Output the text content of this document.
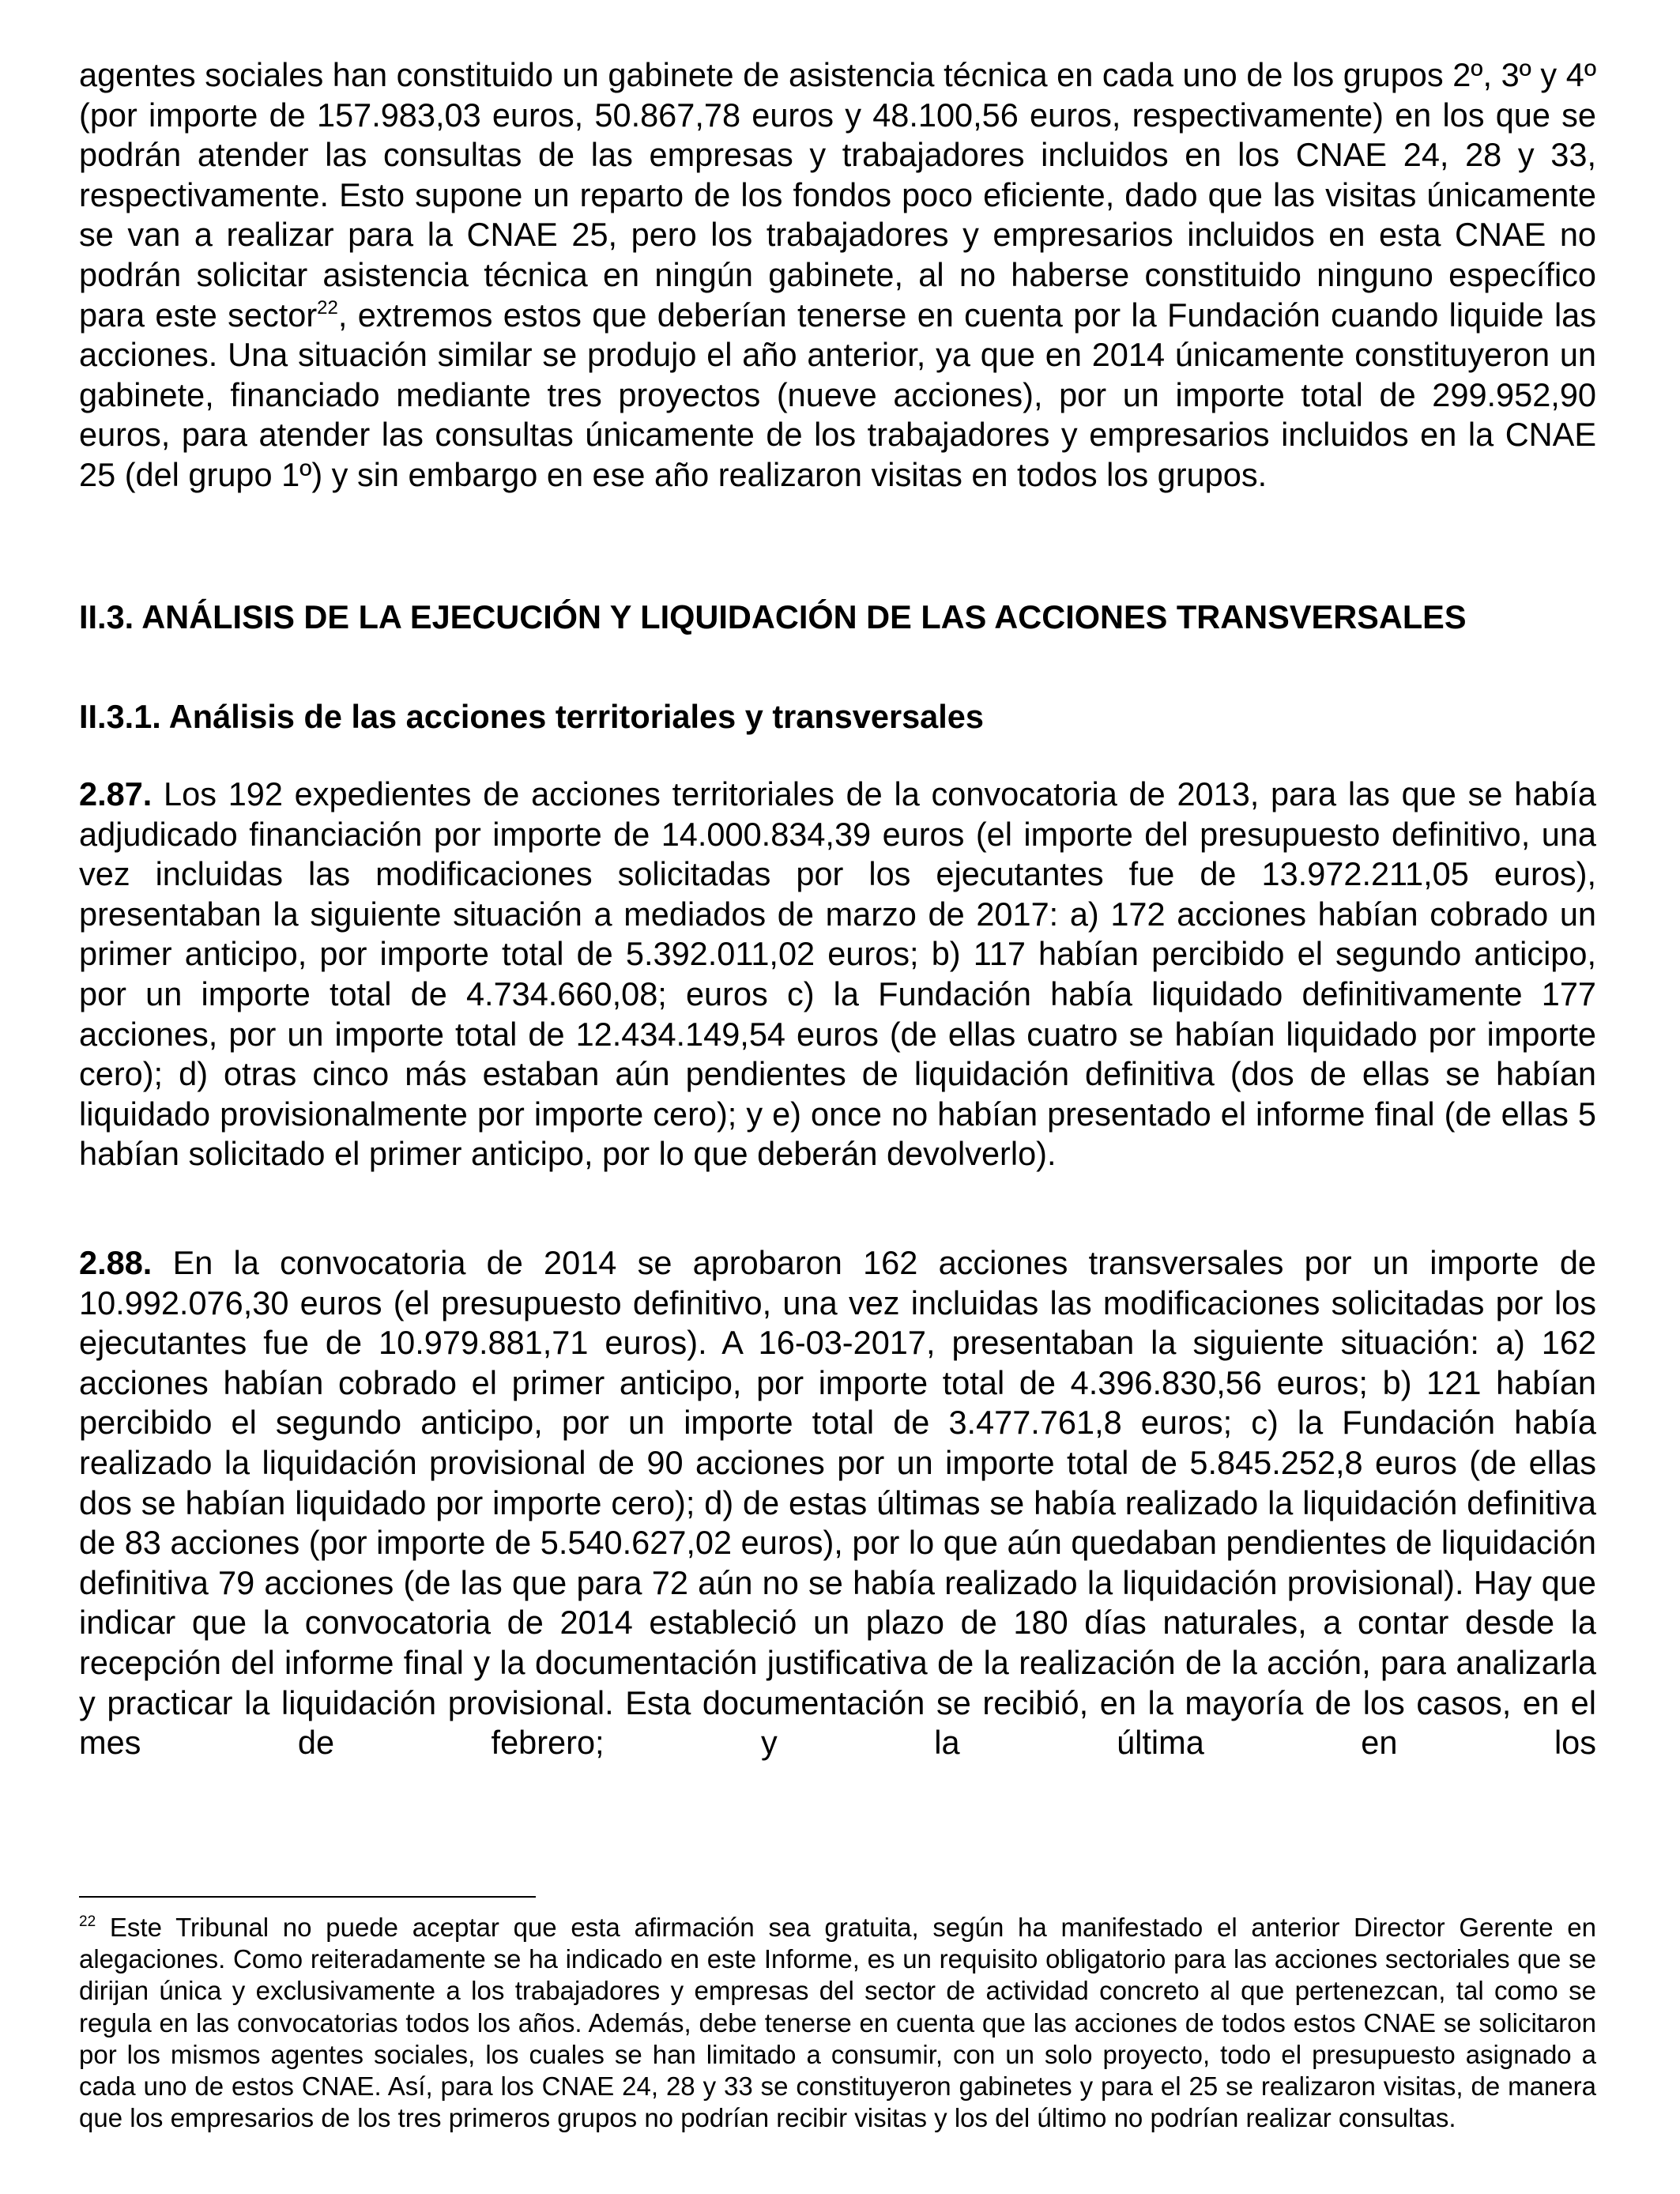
agentes sociales han constituido un gabinete de asistencia técnica en cada uno de los grupos 2º, 3º y 4º (por importe de 157.983,03 euros, 50.867,78 euros y 48.100,56 euros, respectivamente) en los que se podrán atender las consultas de las empresas y trabajadores incluidos en los CNAE 24, 28 y 33, respectivamente. Esto supone un reparto de los fondos poco eficiente, dado que las visitas únicamente se van a realizar para la CNAE 25, pero los trabajadores y empresarios incluidos en esta CNAE no podrán solicitar asistencia técnica en ningún gabinete, al no haberse constituido ninguno específico para este sector$^{22}$, extremos estos que deberían tenerse en cuenta por la Fundación cuando liquide las acciones. Una situación similar se produjo el año anterior, ya que en 2014 únicamente constituyeron un gabinete, financiado mediante tres proyectos (nueve acciones), por un importe total de 299.952,90 euros, para atender las consultas únicamente de los trabajadores y empresarios incluidos en la CNAE 25 (del grupo 1º) y sin embargo en ese año realizaron visitas en todos los grupos.

II.3. ANÁLISIS DE LA EJECUCIÓN Y LIQUIDACIÓN DE LAS ACCIONES TRANSVERSALES
II.3.1. Análisis de las acciones territoriales y transversales

2.87. Los 192 expedientes de acciones territoriales de la convocatoria de 2013, para las que se había adjudicado financiación por importe de 14.000.834,39 euros (el importe del presupuesto definitivo, una vez incluidas las modificaciones solicitadas por los ejecutantes fue de 13.972.211,05 euros), presentaban la siguiente situación a mediados de marzo de 2017: a) 172 acciones habían cobrado un primer anticipo, por importe total de 5.392.011,02 euros; b) 117 habían percibido el segundo anticipo, por un importe total de 4.734.660,08; euros c) la Fundación había liquidado definitivamente 177 acciones, por un importe total de 12.434.149,54 euros (de ellas cuatro se habían liquidado por importe cero); d) otras cinco más estaban aún pendientes de liquidación definitiva (dos de ellas se habían liquidado provisionalmente por importe cero); y e) once no habían presentado el informe final (de ellas 5 habían solicitado el primer anticipo, por lo que deberán devolverlo).

2.88. En la convocatoria de 2014 se aprobaron 162 acciones transversales por un importe de 10.992.076,30 euros (el presupuesto definitivo, una vez incluidas las modificaciones solicitadas por los ejecutantes fue de 10.979.881,71 euros). A 16-03-2017, presentaban la siguiente situación: a) 162 acciones habían cobrado el primer anticipo, por importe total de 4.396.830,56 euros; b) 121 habían percibido el segundo anticipo, por un importe total de 3.477.761,8 euros; c) la Fundación había realizado la liquidación provisional de 90 acciones por un importe total de 5.845.252,8 euros (de ellas dos se habían liquidado por importe cero); d) de estas últimas se había realizado la liquidación definitiva de 83 acciones (por importe de 5.540.627,02 euros), por lo que aún quedaban pendientes de liquidación definitiva 79 acciones (de las que para 72 aún no se había realizado la liquidación provisional). Hay que indicar que la convocatoria de 2014 estableció un plazo de 180 días naturales, a contar desde la recepción del informe final y la documentación justificativa de la realización de la acción, para analizarla y practicar la liquidación provisional. Esta documentación se recibió, en la mayoría de los casos, en el mes de febrero; y la última en los

$^{22}$ Este Tribunal no puede aceptar que esta afirmación sea gratuita, según ha manifestado el anterior Director Gerente en alegaciones. Como reiteradamente se ha indicado en este Informe, es un requisito obligatorio para las acciones sectoriales que se dirijan única y exclusivamente a los trabajadores y empresas del sector de actividad concreto al que pertenezcan, tal como se regula en las convocatorias todos los años. Además, debe tenerse en cuenta que las acciones de todos estos CNAE se solicitaron por los mismos agentes sociales, los cuales se han limitado a consumir, con un solo proyecto, todo el presupuesto asignado a cada uno de estos CNAE. Así, para los CNAE 24, 28 y 33 se constituyeron gabinetes y para el 25 se realizaron visitas, de manera que los empresarios de los tres primeros grupos no podrían recibir visitas y los del último no podrían realizar consultas.
